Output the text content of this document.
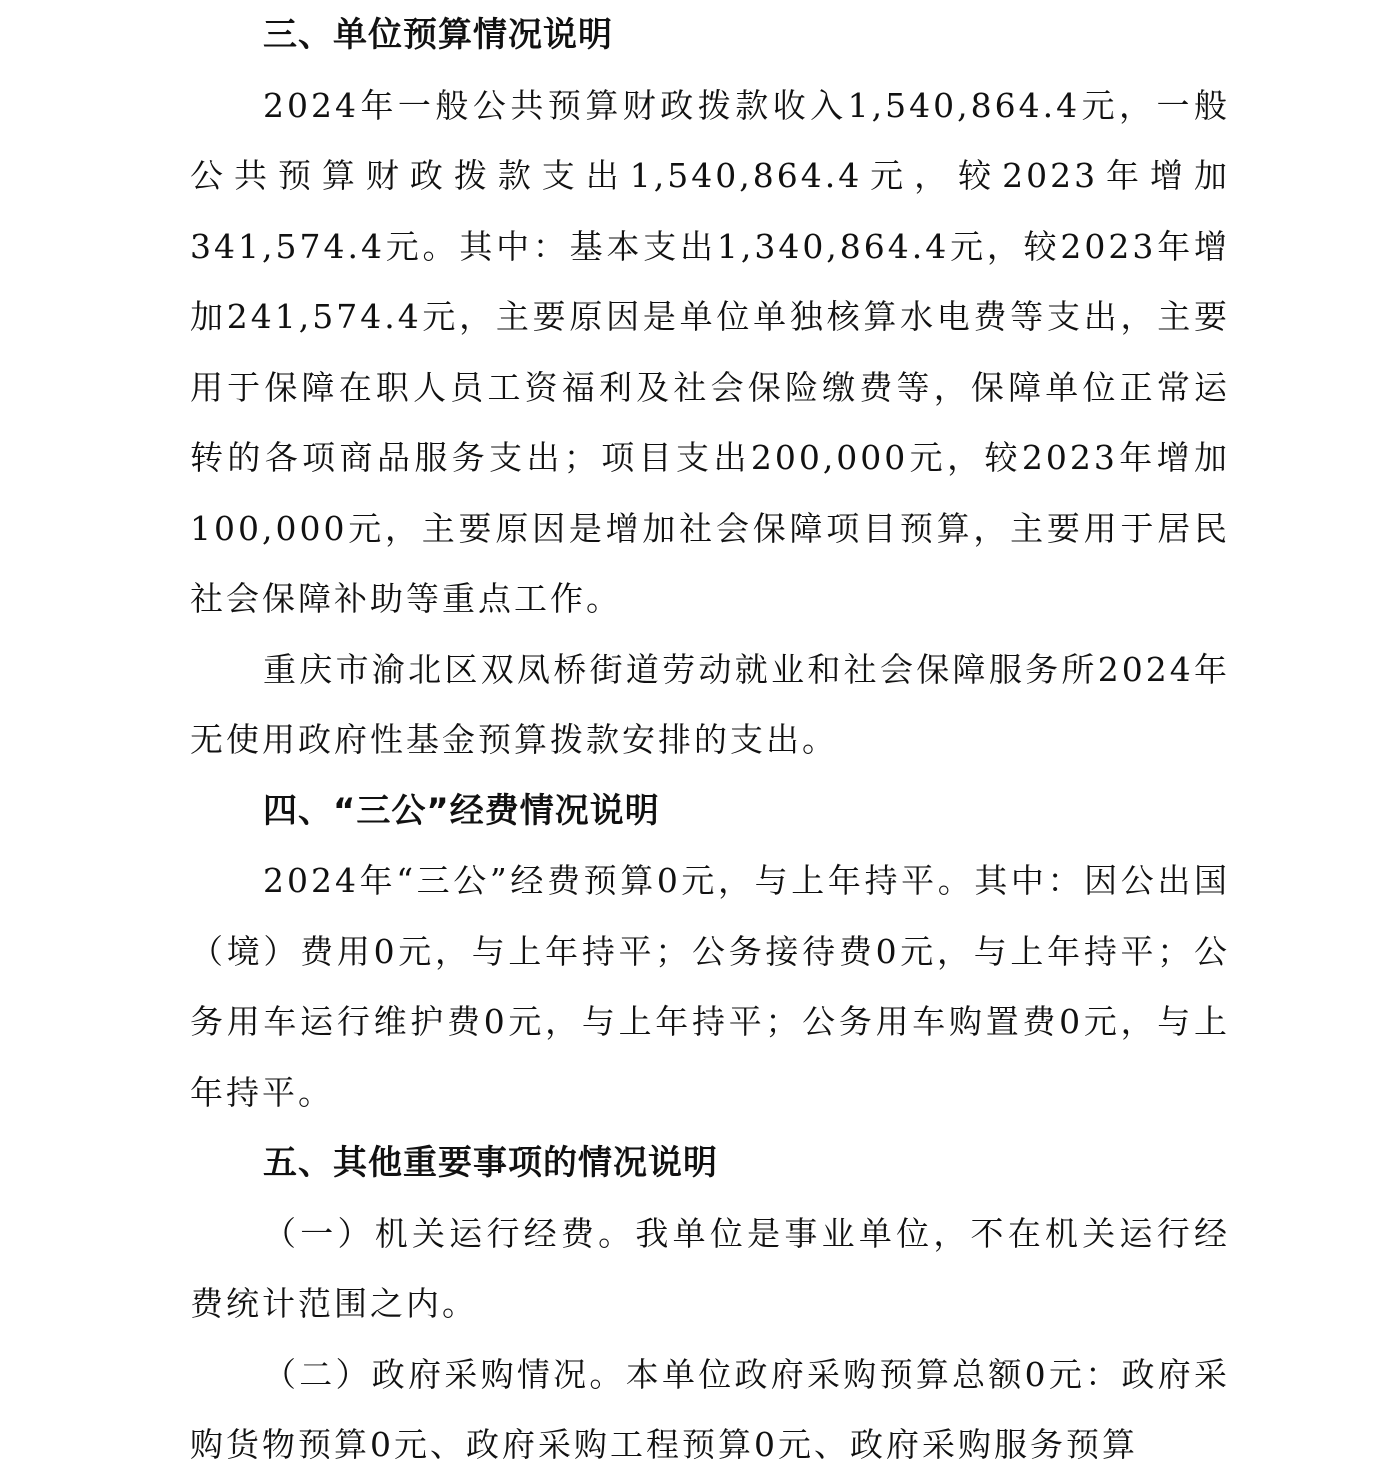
三、单位预算情况说明

2024年一般公共预算财政拨款收入1,540,864.4元，一般公共预算财政拨款支出1,540,864.4元，较2023年增加341,574.4元。其中：基本支出1,340,864.4元，较2023年增加241,574.4元，主要原因是单位单独核算水电费等支出，主要用于保障在职人员工资福利及社会保险缴费等，保障单位正常运转的各项商品服务支出；项目支出200,000元，较2023年增加100,000元，主要原因是增加社会保障项目预算，主要用于居民社会保障补助等重点工作。

重庆市渝北区双凤桥街道劳动就业和社会保障服务所2024年无使用政府性基金预算拨款安排的支出。

四、“三公”经费情况说明

2024年“三公”经费预算0元，与上年持平。其中：因公出国（境）费用0元，与上年持平；公务接待费0元，与上年持平；公务用车运行维护费0元，与上年持平；公务用车购置费0元，与上年持平。

五、其他重要事项的情况说明

（一）机关运行经费。我单位是事业单位，不在机关运行经费统计范围之内。

（二）政府采购情况。本单位政府采购预算总额0元：政府采购货物预算0元、政府采购工程预算0元、政府采购服务预算
